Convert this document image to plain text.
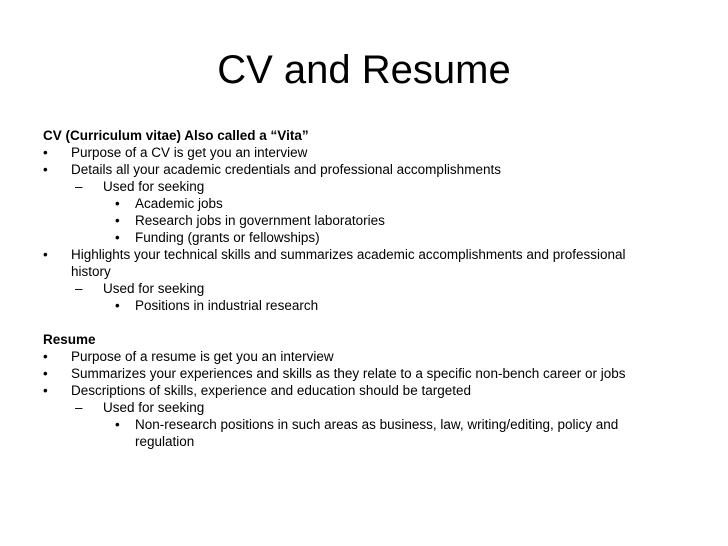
CV and Resume
CV (Curriculum vitae) Also called a “Vita”
• Purpose of a CV is get you an interview
• Details all your academic credentials and professional accomplishments
– Used for seeking
• Academic jobs
• Research jobs in government laboratories
• Funding (grants or fellowships)
• Highlights your technical skills and summarizes academic accomplishments and professional
history
– Used for seeking
• Positions in industrial research
Resume
• Purpose of a resume is get you an interview
• Summarizes your experiences and skills as they relate to a specific non-bench career or jobs
• Descriptions of skills, experience and education should be targeted
– Used for seeking
• Non-research positions in such areas as business, law, writing/editing, policy and
regulation
